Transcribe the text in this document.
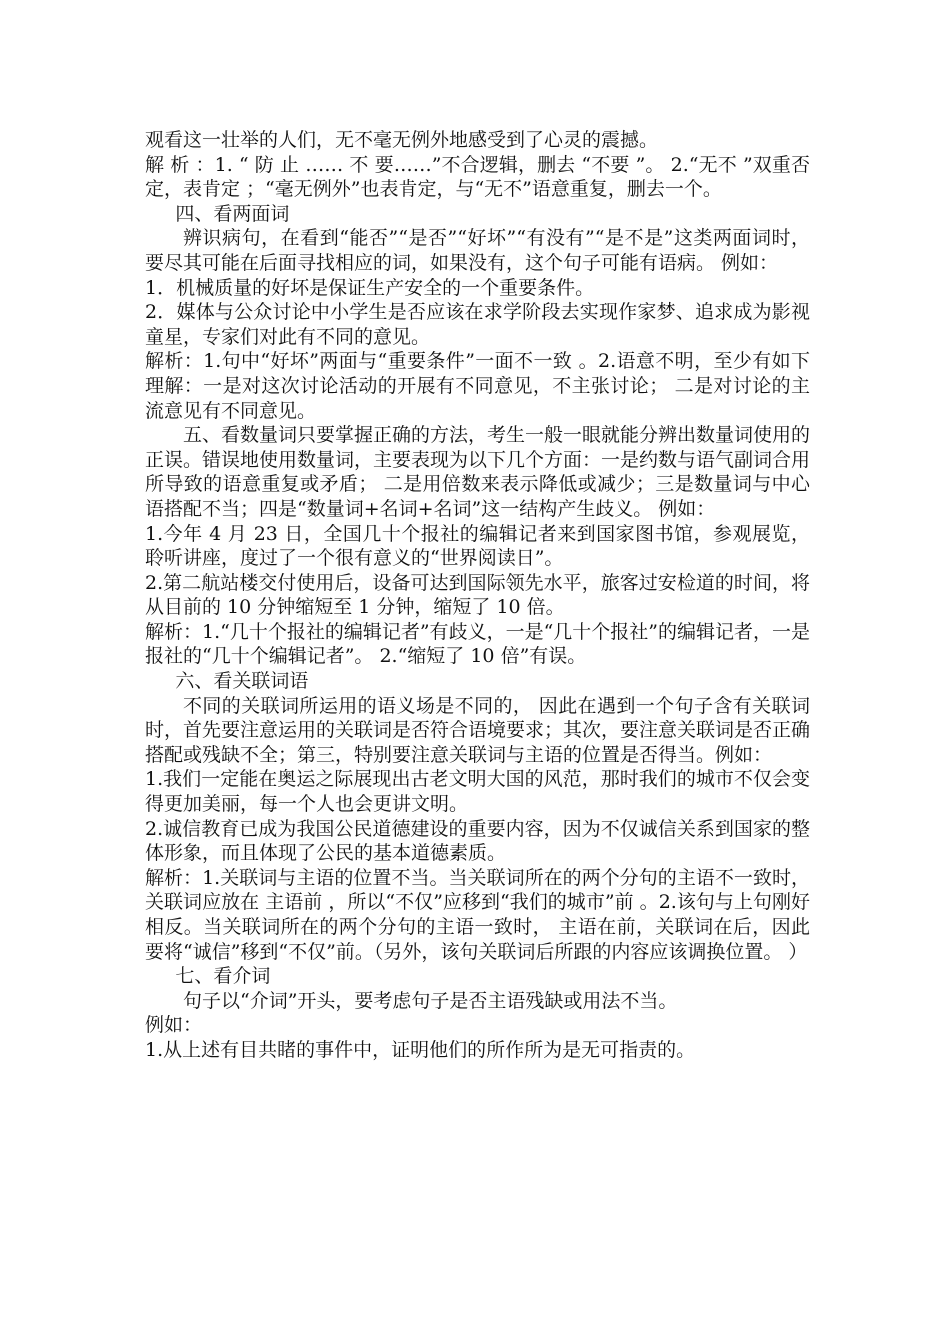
观看这一壮举的人们，无不毫无例外地感受到了心灵的震撼。

解 析 ：1. “ 防 止 …… 不 要……”不合逻辑，删去 “不要 ”。 2.“无不 ”双重否定，表肯定 ；“毫无例外”也表肯定，与“无不”语意重复，删去一个。

四、看两面词

辨识病句，在看到“能否”“是否”“好坏”“有没有”“是不是”这类两面词时，要尽其可能在后面寻找相应的词，如果没有，这个句子可能有语病。 例如：

1．机械质量的好坏是保证生产安全的一个重要条件。

2．媒体与公众讨论中小学生是否应该在求学阶段去实现作家梦、追求成为影视童星，专家们对此有不同的意见。

解析：1.句中“好坏”两面与“重要条件”一面不一致 。2.语意不明，至少有如下理解：一是对这次讨论活动的开展有不同意见，不主张讨论； 二是对讨论的主流意见有不同意见。

五、看数量词只要掌握正确的方法，考生一般一眼就能分辨出数量词使用的正误。错误地使用数量词，主要表现为以下几个方面：一是约数与语气副词合用所导致的语意重复或矛盾； 二是用倍数来表示降低或减少；三是数量词与中心语搭配不当；四是“数量词+名词+名词”这一结构产生歧义。 例如：

1.今年 4 月 23 日，全国几十个报社的编辑记者来到国家图书馆，参观展览，聆听讲座，度过了一个很有意义的“世界阅读日”。

2.第二航站楼交付使用后，设备可达到国际领先水平，旅客过安检道的时间，将从目前的 10 分钟缩短至 1 分钟，缩短了 10 倍。

解析：1.“几十个报社的编辑记者”有歧义，一是“几十个报社”的编辑记者，一是报社的“几十个编辑记者”。 2.“缩短了 10 倍”有误。

六、看关联词语

不同的关联词所运用的语义场是不同的， 因此在遇到一个句子含有关联词时，首先要注意运用的关联词是否符合语境要求；其次，要注意关联词是否正确搭配或残缺不全；第三，特别要注意关联词与主语的位置是否得当。例如：

1.我们一定能在奥运之际展现出古老文明大国的风范，那时我们的城市不仅会变得更加美丽，每一个人也会更讲文明。

2.诚信教育已成为我国公民道德建设的重要内容，因为不仅诚信关系到国家的整体形象，而且体现了公民的基本道德素质。

解析：1.关联词与主语的位置不当。当关联词所在的两个分句的主语不一致时，关联词应放在 主语前 ，所以“不仅”应移到“我们的城市”前 。2.该句与上句刚好相反。当关联词所在的两个分句的主语一致时， 主语在前，关联词在后，因此要将“诚信”移到“不仅”前。（另外，该句关联词后所跟的内容应该调换位置。 ）

七、看介词

句子以“介词”开头，要考虑句子是否主语残缺或用法不当。

例如：

1.从上述有目共睹的事件中，证明他们的所作所为是无可指责的。
